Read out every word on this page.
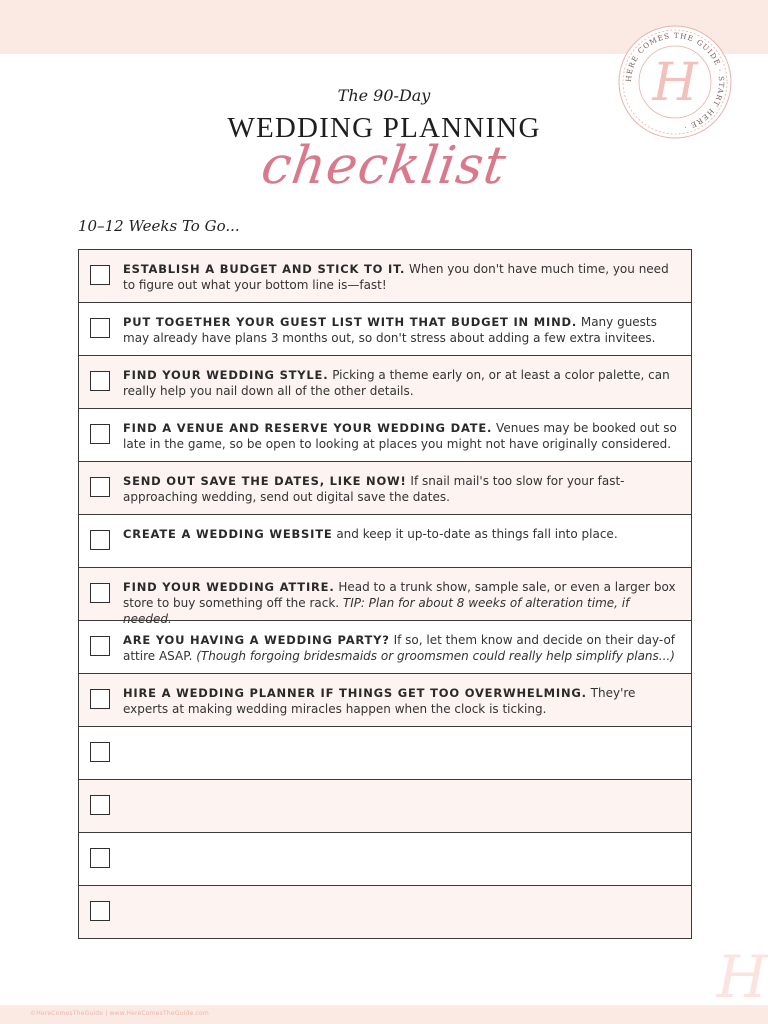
HERE COMES THE GUIDE · START HERE ·
H
H
The 90-Day
WEDDING PLANNING
checklist
10–12 Weeks To Go...
ESTABLISH A BUDGET AND STICK TO IT. When you don't have much time, you need to figure out what your bottom line is—fast!
PUT TOGETHER YOUR GUEST LIST WITH THAT BUDGET IN MIND. Many guests may already have plans 3 months out, so don't stress about adding a few extra invitees.
FIND YOUR WEDDING STYLE. Picking a theme early on, or at least a color palette, can really help you nail down all of the other details.
FIND A VENUE AND RESERVE YOUR WEDDING DATE. Venues may be booked out so late in the game, so be open to looking at places you might not have originally considered.
SEND OUT SAVE THE DATES, LIKE NOW! If snail mail's too slow for your fast-approaching wedding, send out digital save the dates.
CREATE A WEDDING WEBSITE and keep it up-to-date as things fall into place.
FIND YOUR WEDDING ATTIRE. Head to a trunk show, sample sale, or even a larger box store to buy something off the rack. TIP: Plan for about 8 weeks of alteration time, if needed.
ARE YOU HAVING A WEDDING PARTY? If so, let them know and decide on their day-of attire ASAP. (Though forgoing bridesmaids or groomsmen could really help simplify plans...)
HIRE A WEDDING PLANNER IF THINGS GET TOO OVERWHELMING. They're experts at making wedding miracles happen when the clock is ticking.
©HereComesTheGuide | www.HereComesTheGuide.com
